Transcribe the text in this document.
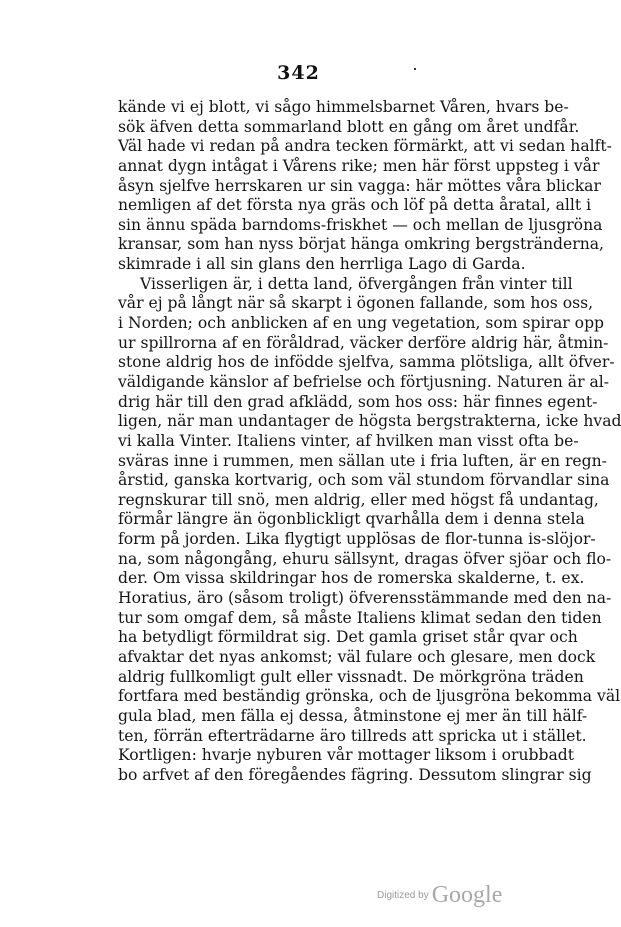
342
kände vi ej blott, vi sågo himmelsbarnet Våren, hvars be-
sök äfven detta sommarland blott en gång om året undfår.
Väl hade vi redan på andra tecken förmärkt, att vi sedan halft-
annat dygn intågat i Vårens rike; men här först uppsteg i vår
åsyn sjelfve herrskaren ur sin vagga: här möttes våra blickar
nemligen af det första nya gräs och löf på detta åratal, allt i
sin ännu späda barndoms-friskhet — och mellan de ljusgröna
kransar, som han nyss börjat hänga omkring bergstränderna,
skimrade i all sin glans den herrliga Lago di Garda.
Visserligen är, i detta land, öfvergången från vinter till
vår ej på långt när så skarpt i ögonen fallande, som hos oss,
i Norden; och anblicken af en ung vegetation, som spirar opp
ur spillrorna af en föråldrad, väcker derföre aldrig här, åtmin-
stone aldrig hos de infödde sjelfva, samma plötsliga, allt öfver-
väldigande känslor af befrielse och förtjusning. Naturen är al-
drig här till den grad afklädd, som hos oss: här finnes egent-
ligen, när man undantager de högsta bergstrakterna, icke hvad
vi kalla Vinter. Italiens vinter, af hvilken man visst ofta be-
sväras inne i rummen, men sällan ute i fria luften, är en regn-
årstid, ganska kortvarig, och som väl stundom förvandlar sina
regnskurar till snö, men aldrig, eller med högst få undantag,
förmår längre än ögonblickligt qvarhålla dem i denna stela
form på jorden. Lika flygtigt upplösas de flor-tunna is-slöjor-
na, som någongång, ehuru sällsynt, dragas öfver sjöar och flo-
der. Om vissa skildringar hos de romerska skalderne, t. ex.
Horatius, äro (såsom troligt) öfverensstämmande med den na-
tur som omgaf dem, så måste Italiens klimat sedan den tiden
ha betydligt förmildrat sig. Det gamla griset står qvar och
afvaktar det nyas ankomst; väl fulare och glesare, men dock
aldrig fullkomligt gult eller vissnadt. De mörkgröna träden
fortfara med beständig grönska, och de ljusgröna bekomma väl
gula blad, men fälla ej dessa, åtminstone ej mer än till hälf-
ten, förrän efterträdarne äro tillreds att spricka ut i stället.
Kortligen: hvarje nyburen vår mottager liksom i orubbadt
bo arfvet af den föregåendes fägring. Dessutom slingrar sig
$^{Digitized by}$ Google
